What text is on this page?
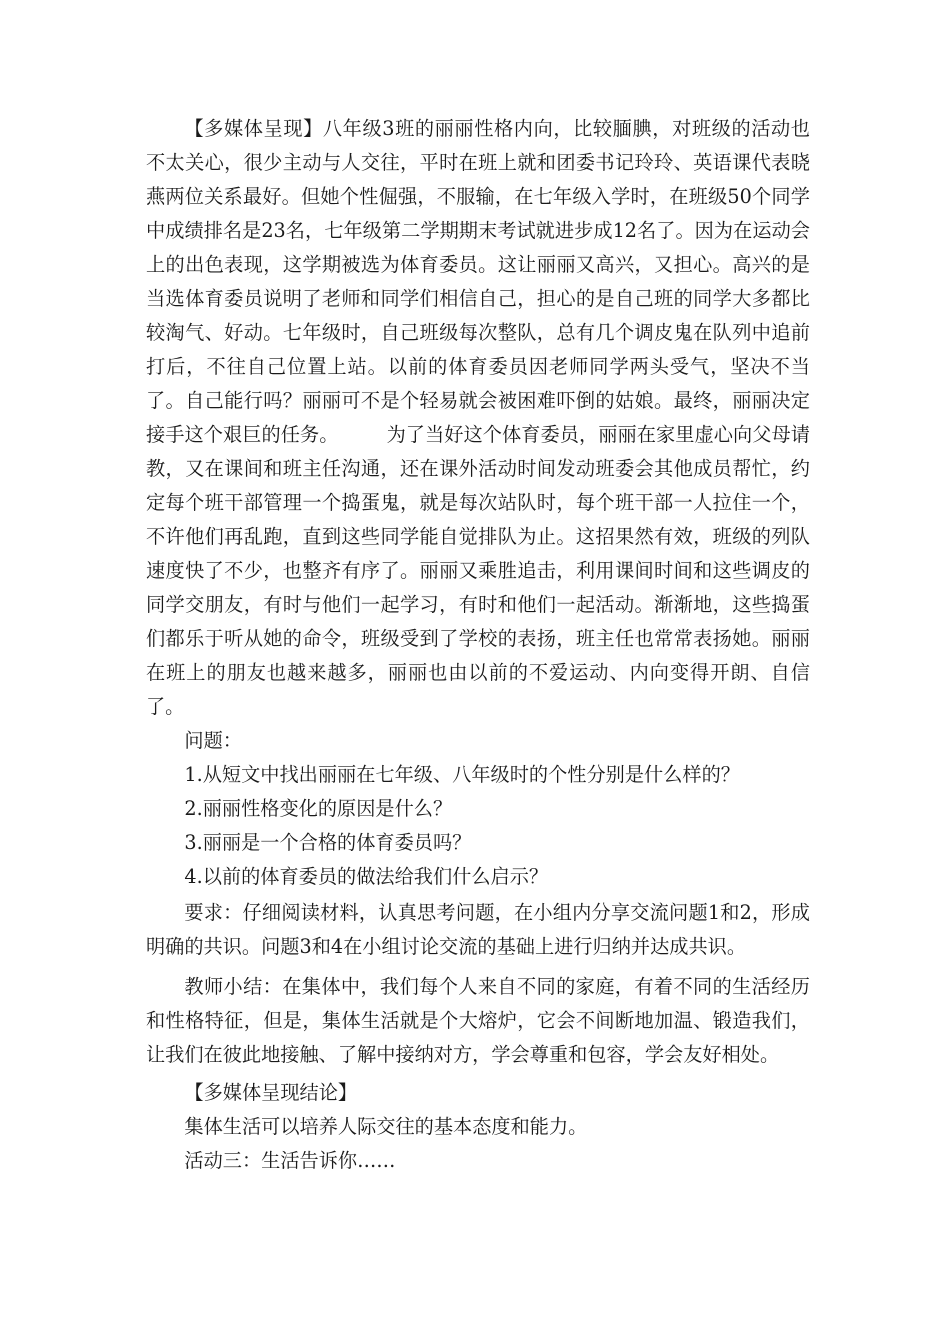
【多媒体呈现】八年级3班的丽丽性格内向，比较腼腆，对班级的活动也不太关心，很少主动与人交往，平时在班上就和团委书记玲玲、英语课代表晓燕两位关系最好。但她个性倔强，不服输，在七年级入学时，在班级50个同学中成绩排名是23名，七年级第二学期期末考试就进步成12名了。因为在运动会上的出色表现，这学期被选为体育委员。这让丽丽又高兴，又担心。高兴的是当选体育委员说明了老师和同学们相信自己，担心的是自己班的同学大多都比较淘气、好动。七年级时，自己班级每次整队，总有几个调皮鬼在队列中追前打后，不往自己位置上站。以前的体育委员因老师同学两头受气，坚决不当了。自己能行吗？丽丽可不是个轻易就会被困难吓倒的姑娘。最终，丽丽决定接手这个艰巨的任务。	为了当好这个体育委员，丽丽在家里虚心向父母请教，又在课间和班主任沟通，还在课外活动时间发动班委会其他成员帮忙，约定每个班干部管理一个捣蛋鬼，就是每次站队时，每个班干部一人拉住一个，不许他们再乱跑，直到这些同学能自觉排队为止。这招果然有效，班级的列队速度快了不少，也整齐有序了。丽丽又乘胜追击，利用课间时间和这些调皮的同学交朋友，有时与他们一起学习，有时和他们一起活动。渐渐地，这些捣蛋们都乐于听从她的命令，班级受到了学校的表扬，班主任也常常表扬她。丽丽在班上的朋友也越来越多，丽丽也由以前的不爱运动、内向变得开朗、自信了。

问题：

1.从短文中找出丽丽在七年级、八年级时的个性分别是什么样的？

2.丽丽性格变化的原因是什么？

3.丽丽是一个合格的体育委员吗？

4.以前的体育委员的做法给我们什么启示？

要求：仔细阅读材料，认真思考问题，在小组内分享交流问题1和2，形成明确的共识。问题3和4在小组讨论交流的基础上进行归纳并达成共识。

教师小结：在集体中，我们每个人来自不同的家庭，有着不同的生活经历和性格特征，但是，集体生活就是个大熔炉，它会不间断地加温、锻造我们，让我们在彼此地接触、了解中接纳对方，学会尊重和包容，学会友好相处。

【多媒体呈现结论】

集体生活可以培养人际交往的基本态度和能力。

活动三：生活告诉你……
